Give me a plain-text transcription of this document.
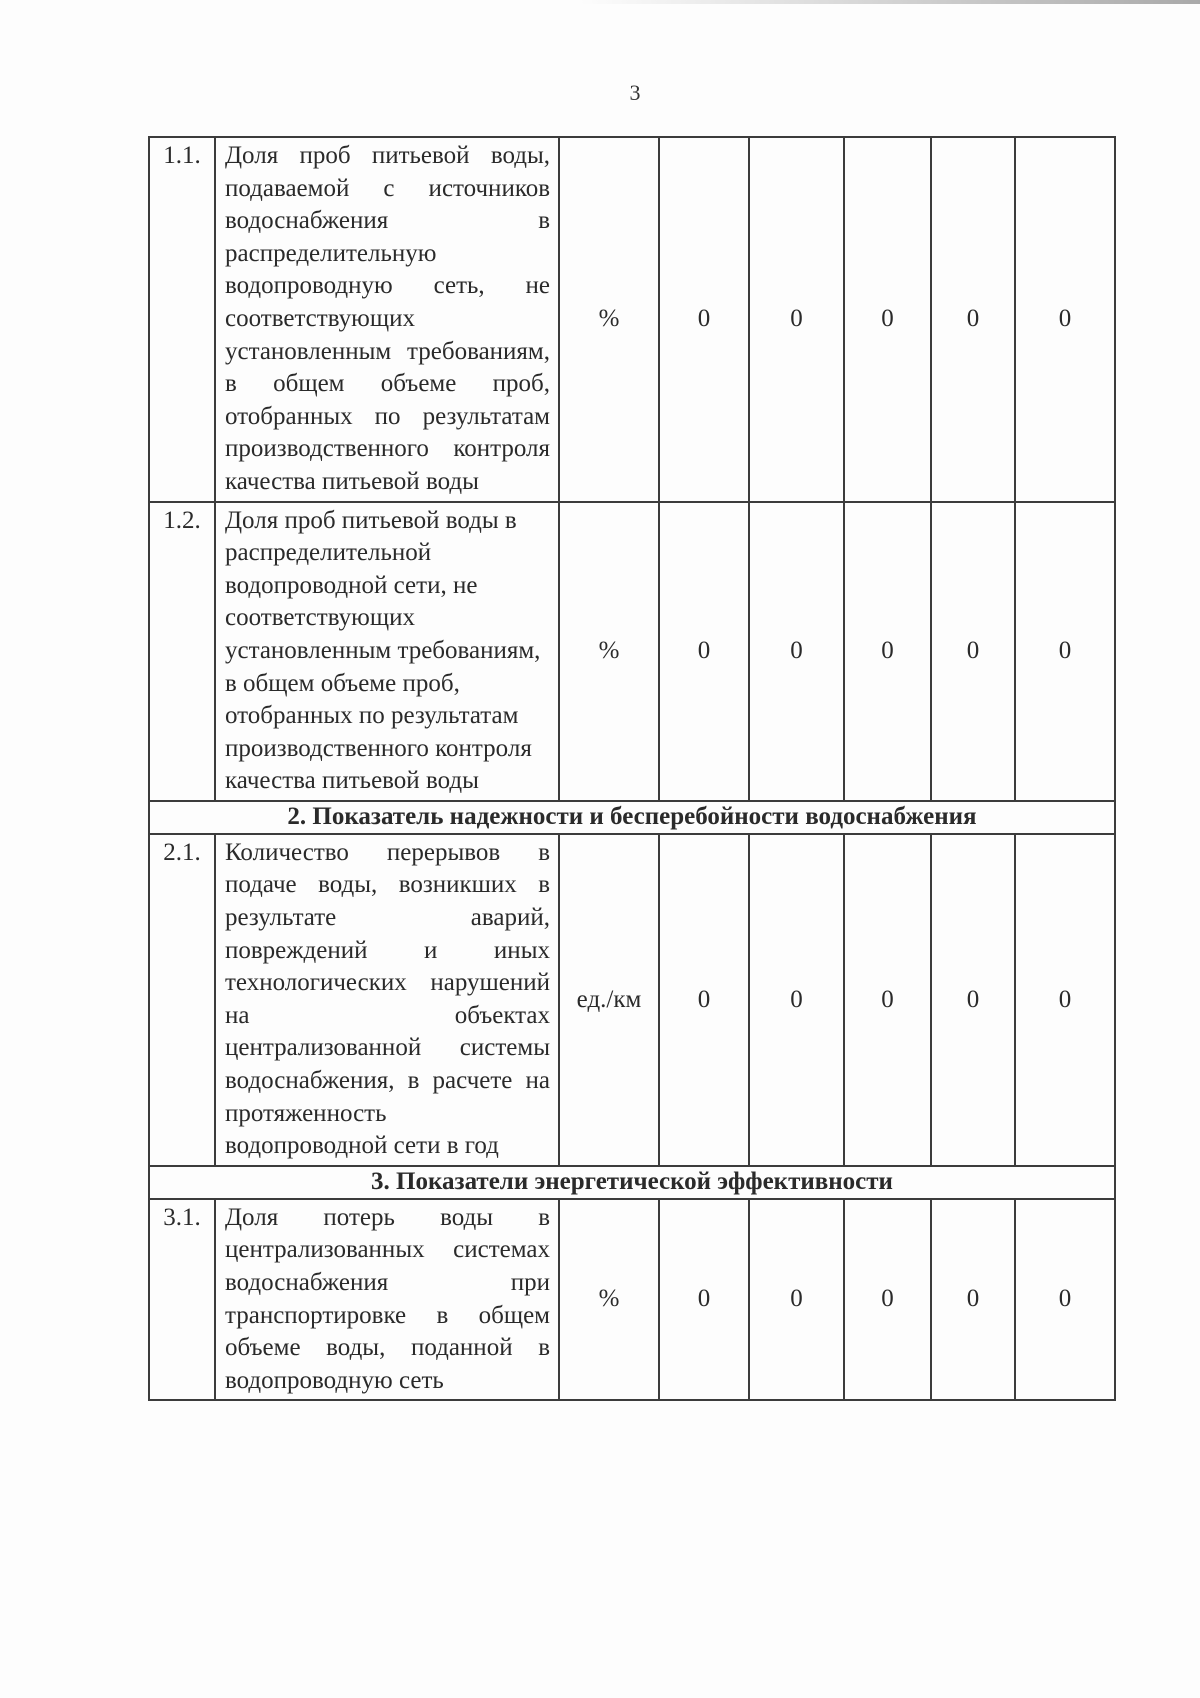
3
1.1.	Доля проб питьевой воды, подаваемой с источников водоснабжения в распределительную водопроводную сеть, не соответствующих установленным требованиям, в общем объеме проб, отобранных по результатам производственного контроля качества питьевой воды	%	0	0	0	0	0
1.2.	Доля проб питьевой воды в распределительной водопроводной сети, не соответствующих установленным требованиям, в общем объеме проб, отобранных по результатам производственного контроля качества питьевой воды	%	0	0	0	0	0
2. Показатель надежности и бесперебойности водоснабжения							
2.1.	Количество перерывов в подаче воды, возникших в результате аварий, повреждений и иных технологических нарушений на объектах централизованной системы водоснабжения, в расчете на протяженность водопроводной сети в год	ед./км	0	0	0	0	0
3. Показатели энергетической эффективности							
3.1.	Доля потерь воды в централизованных системах водоснабжения при транспортировке в общем объеме воды, поданной в водопроводную сеть	%	0	0	0	0	0
